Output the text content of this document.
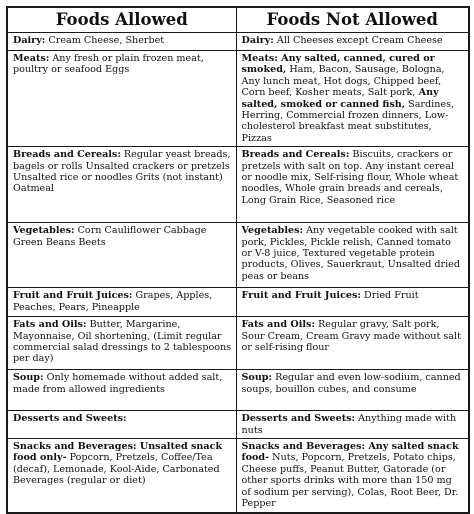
Foods Allowed	Foods Not Allowed
Dairy: Cream Cheese, Sherbet	Dairy: All Cheeses except Cream Cheese
Meats: Any fresh or plain frozen meat, poultry or seafood Eggs	Meats: Any salted, canned, cured or smoked, Ham, Bacon, Sausage, Bologna, Any lunch meat, Hot dogs, Chipped beef, Corn beef, Kosher meats, Salt pork, Any salted, smoked or canned fish, Sardines, Herring, Commercial frozen dinners, Low- cholesterol breakfast meat substitutes, Pizzas
Breads and Cereals: Regular yeast breads, bagels or rolls Unsalted crackers or pretzels Unsalted rice or noodles Grits (not instant) Oatmeal	Breads and Cereals: Biscuits, crackers or pretzels with salt on top. Any instant cereal or noodle mix, Self-rising flour, Whole wheat noodles, Whole grain breads and cereals, Long Grain Rice, Seasoned rice
Vegetables: Corn Cauliflower Cabbage Green Beans Beets	Vegetables: Any vegetable cooked with salt pork, Pickles, Pickle relish, Canned tomato or V-8 juice, Textured vegetable protein products, Olives, Sauerkraut, Unsalted dried peas or beans
Fruit and Fruit Juices: Grapes, Apples, Peaches, Pears, Pineapple	Fruit and Fruit Juices: Dried Fruit
Fats and Oils: Butter, Margarine, Mayonnaise, Oil shortening, (Limit regular commercial salad dressings to 2 tablespoons per day)	Fats and Oils: Regular gravy, Salt pork, Sour Cream, Cream Gravy made without salt or self-rising flour
Soup: Only homemade without added salt, made from allowed ingredients	Soup: Regular and even low-sodium, canned soups, bouillon cubes, and consume
Desserts and Sweets:	Desserts and Sweets: Anything made with nuts
Snacks and Beverages: Unsalted snack food only- Popcorn, Pretzels, Coffee/Tea (decaf), Lemonade, Kool-Aide, Carbonated Beverages (regular or diet)	Snacks and Beverages: Any salted snack food- Nuts, Popcorn, Pretzels, Potato chips, Cheese puffs, Peanut Butter, Gatorade (or other sports drinks with more than 150 mg of sodium per serving), Colas, Root Beer, Dr. Pepper
